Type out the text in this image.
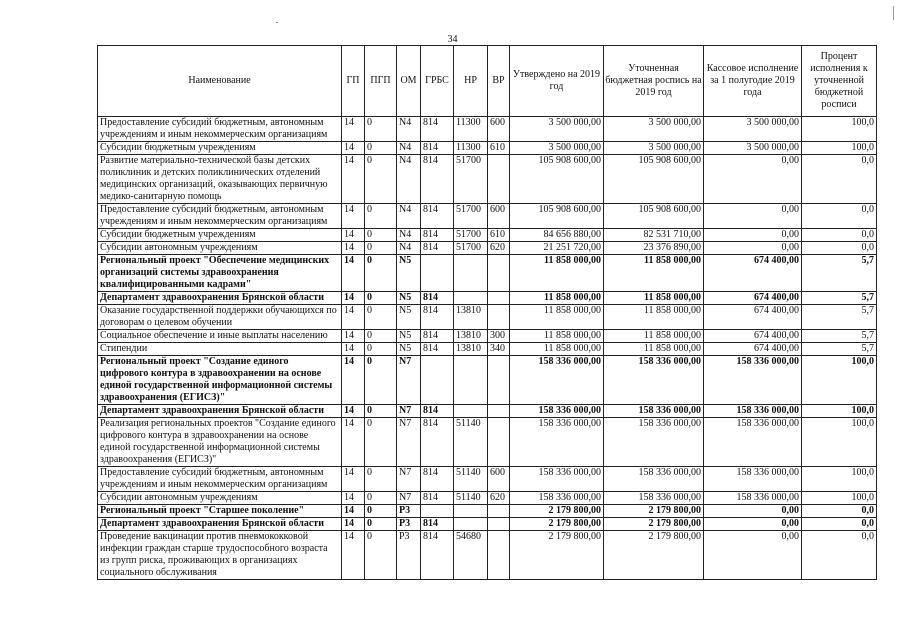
34
Наименование	ГП	ПГП	ОМ	ГРБС	НР	ВР	Утверждено на 2019 год	Уточненная бюджетная роспись на 2019 год	Кассовое исполнение за 1 полугодие 2019 года	Процент исполнения к уточненной бюджетной росписи
Предоставление субсидий бюджетным, автономным учреждениям и иным некоммерческим организациям	14	0	N4	814	11300	600	3 500 000,00	3 500 000,00	3 500 000,00	100,0
Субсидии бюджетным учреждениям	14	0	N4	814	11300	610	3 500 000,00	3 500 000,00	3 500 000,00	100,0
Развитие материально-технической базы детских поликлиник и детских поликлинических отделений медицинских организаций, оказывающих первичную медико-санитарную помощь	14	0	N4	814	51700		105 908 600,00	105 908 600,00	0,00	0,0
Предоставление субсидий бюджетным, автономным учреждениям и иным некоммерческим организациям	14	0	N4	814	51700	600	105 908 600,00	105 908 600,00	0,00	0,0
Субсидии бюджетным учреждениям	14	0	N4	814	51700	610	84 656 880,00	82 531 710,00	0,00	0,0
Субсидии автономным учреждениям	14	0	N4	814	51700	620	21 251 720,00	23 376 890,00	0,00	0,0
Региональный проект "Обеспечение медицинских организаций системы здравоохранения квалифицированными кадрами"	14	0	N5				11 858 000,00	11 858 000,00	674 400,00	5,7
Департамент здравоохранения Брянской области	14	0	N5	814			11 858 000,00	11 858 000,00	674 400,00	5,7
Оказание государственной поддержки обучающихся по договорам о целевом обучении	14	0	N5	814	13810		11 858 000,00	11 858 000,00	674 400,00	5,7
Социальное обеспечение и иные выплаты населению	14	0	N5	814	13810	300	11 858 000,00	11 858 000,00	674 400,00	5,7
Стипендии	14	0	N5	814	13810	340	11 858 000,00	11 858 000,00	674 400,00	5,7
Региональный проект "Создание единого цифрового контура в здравоохранении на основе единой государственной информационной системы здравоохранения (ЕГИСЗ)"	14	0	N7				158 336 000,00	158 336 000,00	158 336 000,00	100,0
Департамент здравоохранения Брянской области	14	0	N7	814			158 336 000,00	158 336 000,00	158 336 000,00	100,0
Реализация региональных проектов "Создание единого цифрового контура в здравоохранении на основе единой государственной информационной системы здравоохранения (ЕГИСЗ)"	14	0	N7	814	51140		158 336 000,00	158 336 000,00	158 336 000,00	100,0
Предоставление субсидий бюджетным, автономным учреждениям и иным некоммерческим организациям	14	0	N7	814	51140	600	158 336 000,00	158 336 000,00	158 336 000,00	100,0
Субсидии автономным учреждениям	14	0	N7	814	51140	620	158 336 000,00	158 336 000,00	158 336 000,00	100,0
Региональный проект "Старшее поколение"	14	0	P3				2 179 800,00	2 179 800,00	0,00	0,0
Департамент здравоохранения Брянской области	14	0	P3	814			2 179 800,00	2 179 800,00	0,00	0,0
Проведение вакцинации против пневмококковой инфекции граждан старше трудоспособного возраста из групп риска, проживающих в организациях социального обслуживания	14	0	P3	814	54680		2 179 800,00	2 179 800,00	0,00	0,0
